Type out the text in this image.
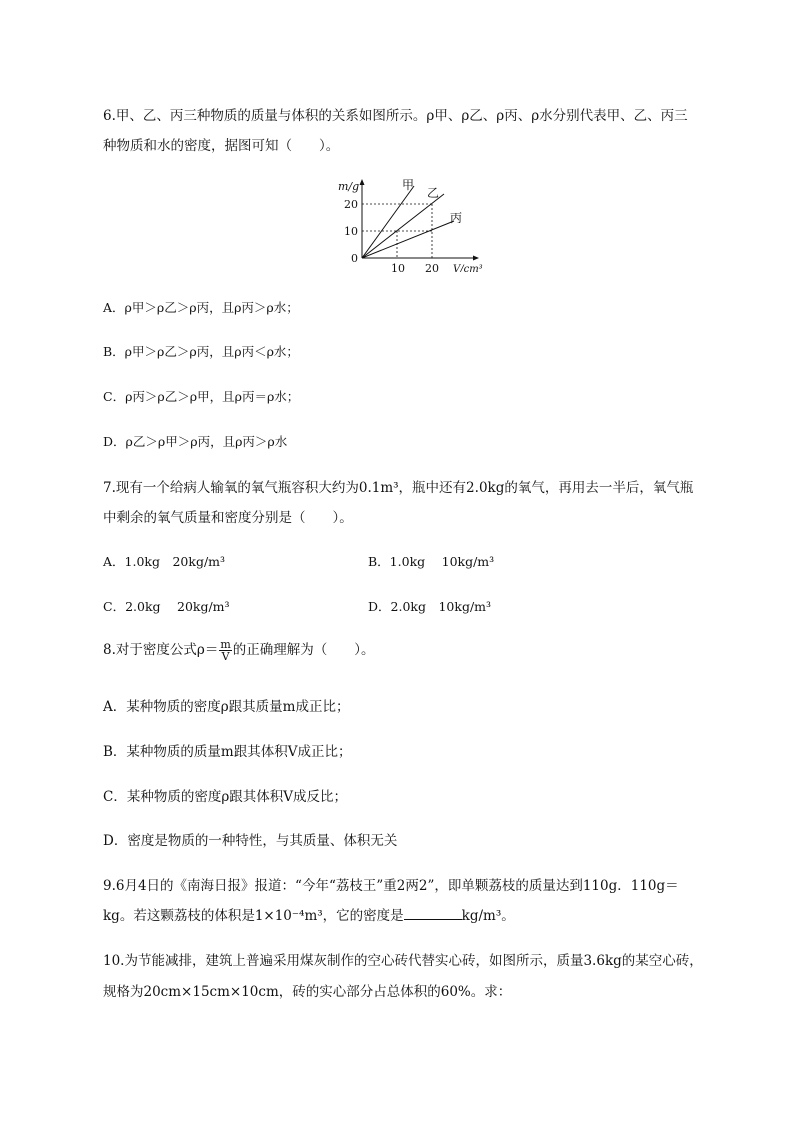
6.甲、乙、丙三种物质的质量与体积的关系如图所示。ρ甲、ρ乙、ρ丙、ρ水分别代表甲、乙、丙三
种物质和水的密度，据图可知（　　）。
m/g
0
10
20
10 20 V/cm³
甲
乙
丙
A．ρ甲＞ρ乙＞ρ丙，且ρ丙＞ρ水；
B．ρ甲＞ρ乙＞ρ丙，且ρ丙＜ρ水；
C．ρ丙＞ρ乙＞ρ甲，且ρ丙＝ρ水；
D．ρ乙＞ρ甲＞ρ丙，且ρ丙＞ρ水
7.现有一个给病人输氧的氧气瓶容积大约为0.1m³，瓶中还有2.0kg的氧气，再用去一半后，氧气瓶
中剩余的氧气质量和密度分别是（　　）。
A．1.0kg　20kg/m³	B．1.0kg　 10kg/m³
C．2.0kg　 20kg/m³	D．2.0kg　10kg/m³
8.对于密度公式$\rho= \frac{m}{V}$ 的正确理解为（　　）。
A．某种物质的密度ρ跟其质量m成正比；
B．某种物质的质量m跟其体积V成正比；
C．某种物质的密度ρ跟其体积V成反比；
D．密度是物质的一种特性，与其质量、体积无关
9.6月4日的《南海日报》报道：“今年“荔枝王”重2两2”，即单颗荔枝的质量达到110g．110g＝
kg。若这颗荔枝的体积是1×10⁻⁴m³，它的密度是	kg/m³。
10.为节能减排，建筑上普遍采用煤灰制作的空心砖代替实心砖，如图所示，质量3.6kg的某空心砖，
规格为20cm×15cm×10cm，砖的实心部分占总体积的60%。求：
